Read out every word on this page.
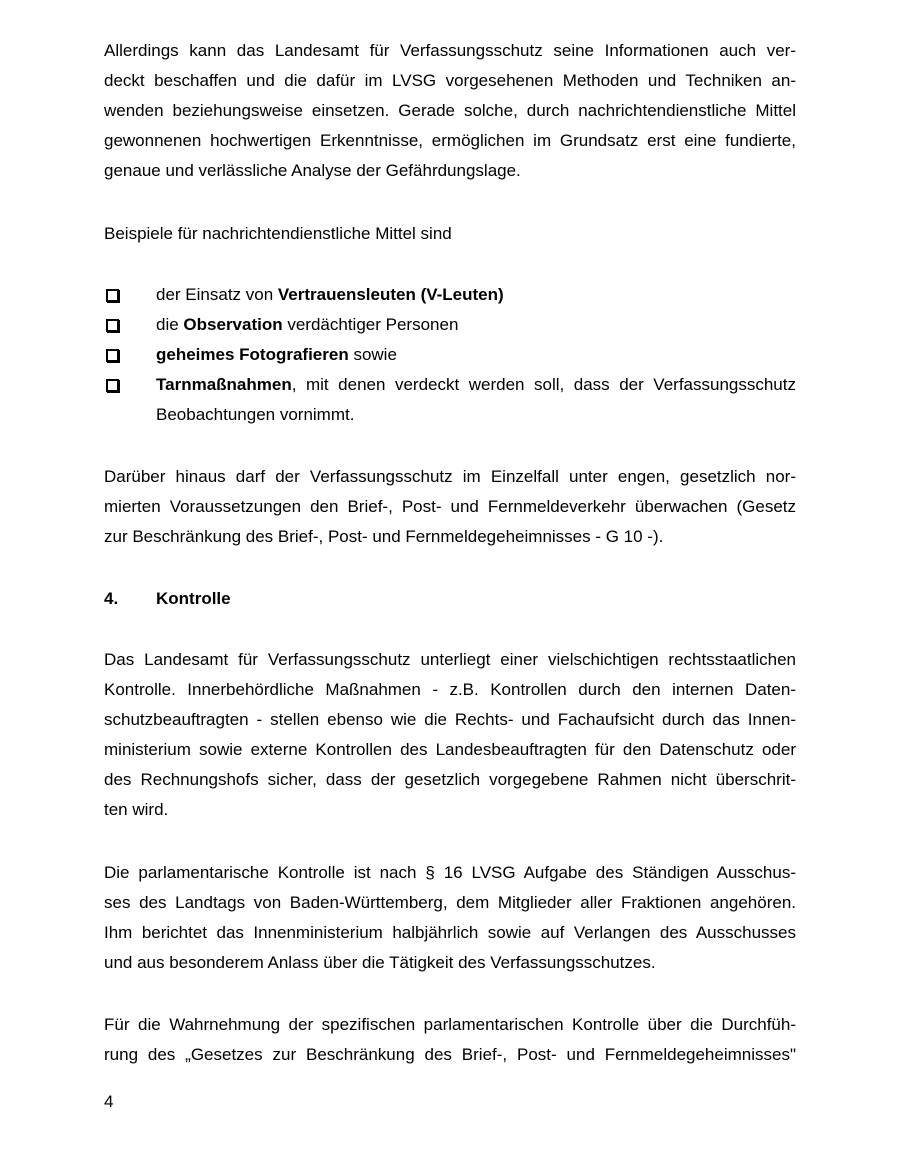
Allerdings kann das Landesamt für Verfassungsschutz seine Informationen auch ver-
deckt beschaffen und die dafür im LVSG vorgesehenen Methoden und Techniken an-
wenden beziehungsweise einsetzen. Gerade solche, durch nachrichtendienstliche Mittel
gewonnenen hochwertigen Erkenntnisse, ermöglichen im Grundsatz erst eine fundierte,
genaue und verlässliche Analyse der Gefährdungslage.
Beispiele für nachrichtendienstliche Mittel sind
der Einsatz von Vertrauensleuten (V-Leuten)
die Observation verdächtiger Personen
geheimes Fotografieren sowie
Tarnmaßnahmen, mit denen verdeckt werden soll, dass der Verfassungsschutz
Beobachtungen vornimmt.
Darüber hinaus darf der Verfassungsschutz im Einzelfall unter engen, gesetzlich nor-
mierten Voraussetzungen den Brief-, Post- und Fernmeldeverkehr überwachen (Gesetz
zur Beschränkung des Brief-, Post- und Fernmeldegeheimnisses - G 10 -).
4. Kontrolle
Das Landesamt für Verfassungsschutz unterliegt einer vielschichtigen rechtsstaatlichen
Kontrolle. Innerbehördliche Maßnahmen - z.B. Kontrollen durch den internen Daten-
schutzbeauftragten - stellen ebenso wie die Rechts- und Fachaufsicht durch das Innen-
ministerium sowie externe Kontrollen des Landesbeauftragten für den Datenschutz oder
des Rechnungshofs sicher, dass der gesetzlich vorgegebene Rahmen nicht überschrit-
ten wird.
Die parlamentarische Kontrolle ist nach § 16 LVSG Aufgabe des Ständigen Ausschus-
ses des Landtags von Baden-Württemberg, dem Mitglieder aller Fraktionen angehören.
Ihm berichtet das Innenministerium halbjährlich sowie auf Verlangen des Ausschusses
und aus besonderem Anlass über die Tätigkeit des Verfassungsschutzes.
Für die Wahrnehmung der spezifischen parlamentarischen Kontrolle über die Durchfüh-
rung des „Gesetzes zur Beschränkung des Brief-, Post- und Fernmeldegeheimnisses"
4
